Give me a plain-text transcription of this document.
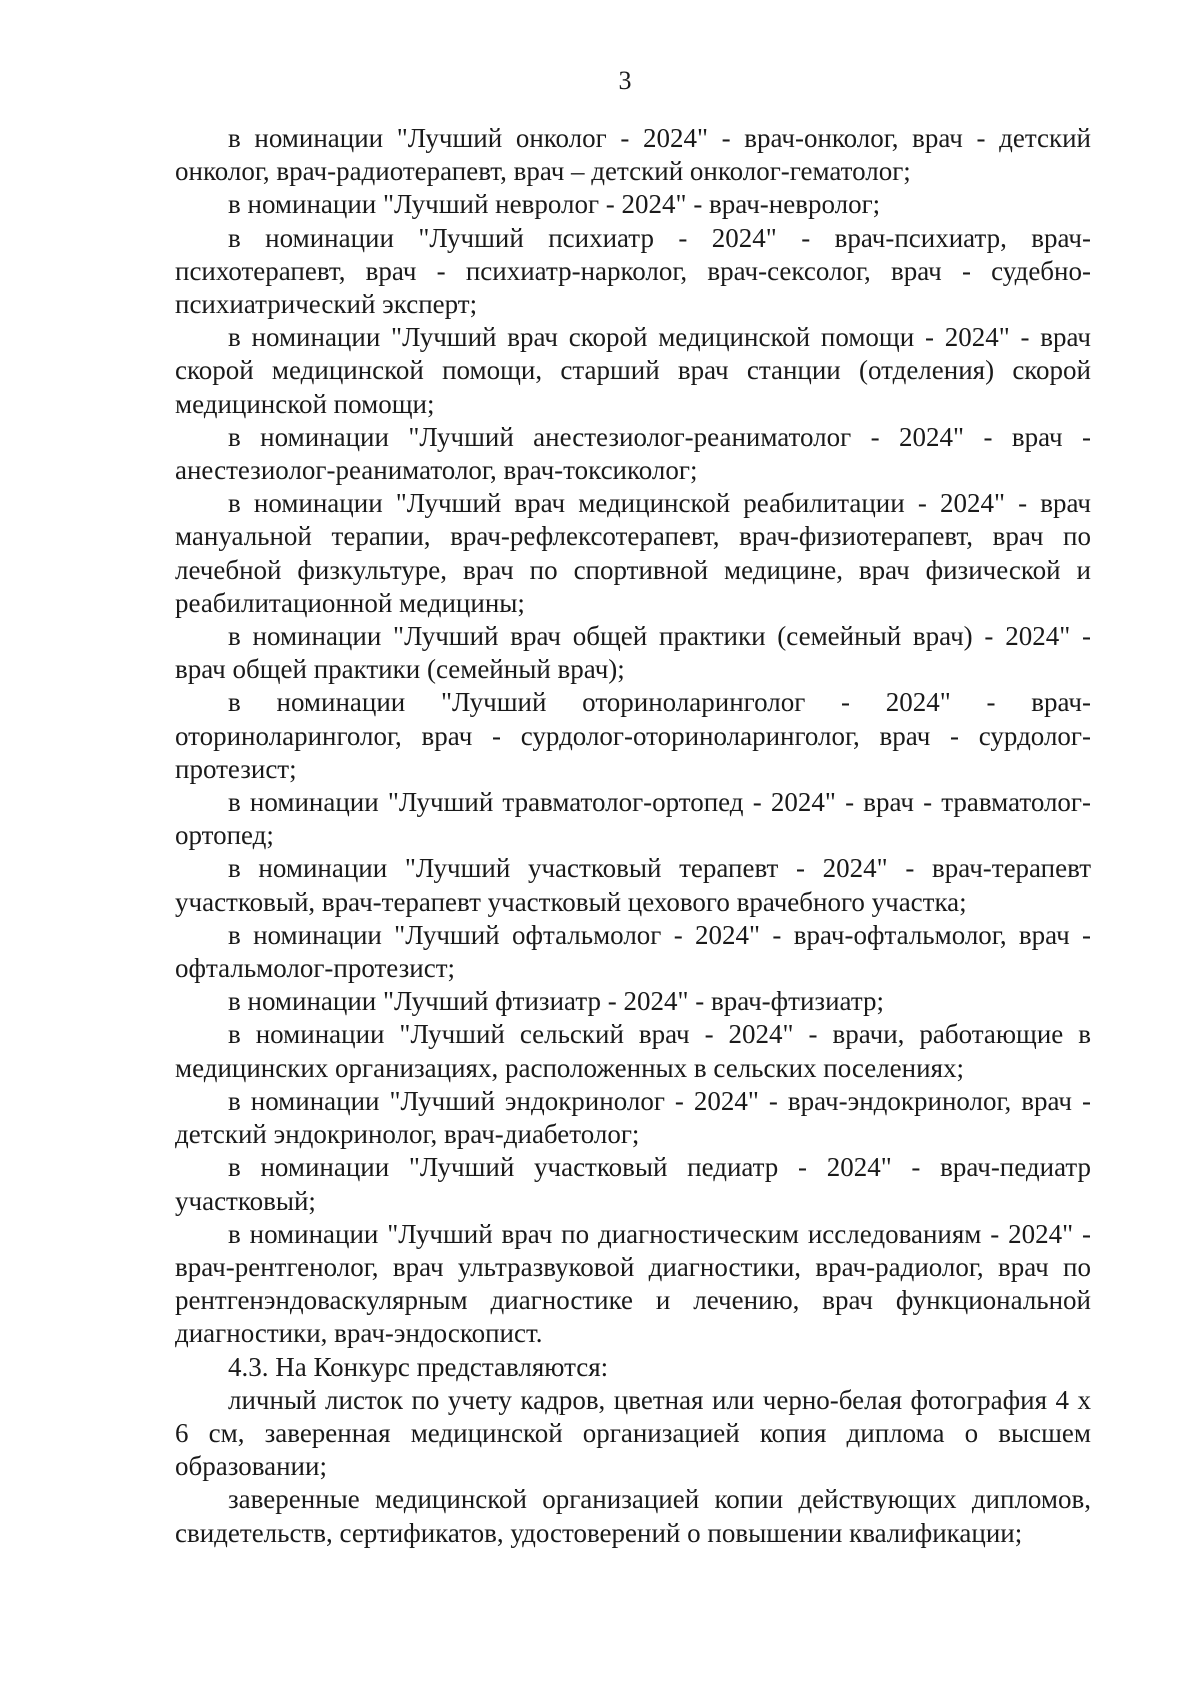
3

в номинации "Лучший онколог - 2024" - врач-онколог, врач - детский онколог, врач-радиотерапевт, врач – детский онколог-гематолог;

в номинации "Лучший невролог - 2024" - врач-невролог;

в номинации "Лучший психиатр - 2024" - врач-психиатр, врач-психотерапевт, врач - психиатр-нарколог, врач-сексолог, врач - судебно-психиатрический эксперт;

в номинации "Лучший врач скорой медицинской помощи - 2024" - врач скорой медицинской помощи, старший врач станции (отделения) скорой медицинской помощи;

в номинации "Лучший анестезиолог-реаниматолог - 2024" - врач - анестезиолог-реаниматолог, врач-токсиколог;

в номинации "Лучший врач медицинской реабилитации - 2024" - врач мануальной терапии, врач-рефлексотерапевт, врач-физиотерапевт, врач по лечебной физкультуре, врач по спортивной медицине, врач физической и реабилитационной медицины;

в номинации "Лучший врач общей практики (семейный врач) - 2024" - врач общей практики (семейный врач);

в номинации "Лучший оториноларинголог - 2024" - врач-оториноларинголог, врач - сурдолог-оториноларинголог, врач - сурдолог-протезист;

в номинации "Лучший травматолог-ортопед - 2024" - врач - травматолог-ортопед;

в номинации "Лучший участковый терапевт - 2024" - врач-терапевт участковый, врач-терапевт участковый цехового врачебного участка;

в номинации "Лучший офтальмолог - 2024" - врач-офтальмолог, врач - офтальмолог-протезист;

в номинации "Лучший фтизиатр - 2024" - врач-фтизиатр;

в номинации "Лучший сельский врач - 2024" - врачи, работающие в медицинских организациях, расположенных в сельских поселениях;

в номинации "Лучший эндокринолог - 2024" - врач-эндокринолог, врач - детский эндокринолог, врач-диабетолог;

в номинации "Лучший участковый педиатр - 2024" - врач-педиатр участковый;

в номинации "Лучший врач по диагностическим исследованиям - 2024" - врач-рентгенолог, врач ультразвуковой диагностики, врач-радиолог, врач по рентгенэндоваскулярным диагностике и лечению, врач функциональной диагностики, врач-эндоскопист.

4.3. На Конкурс представляются:

личный листок по учету кадров, цветная или черно-белая фотография 4 х 6 см, заверенная медицинской организацией копия диплома о высшем образовании;

заверенные медицинской организацией копии действующих дипломов, свидетельств, сертификатов, удостоверений о повышении квалификации;
